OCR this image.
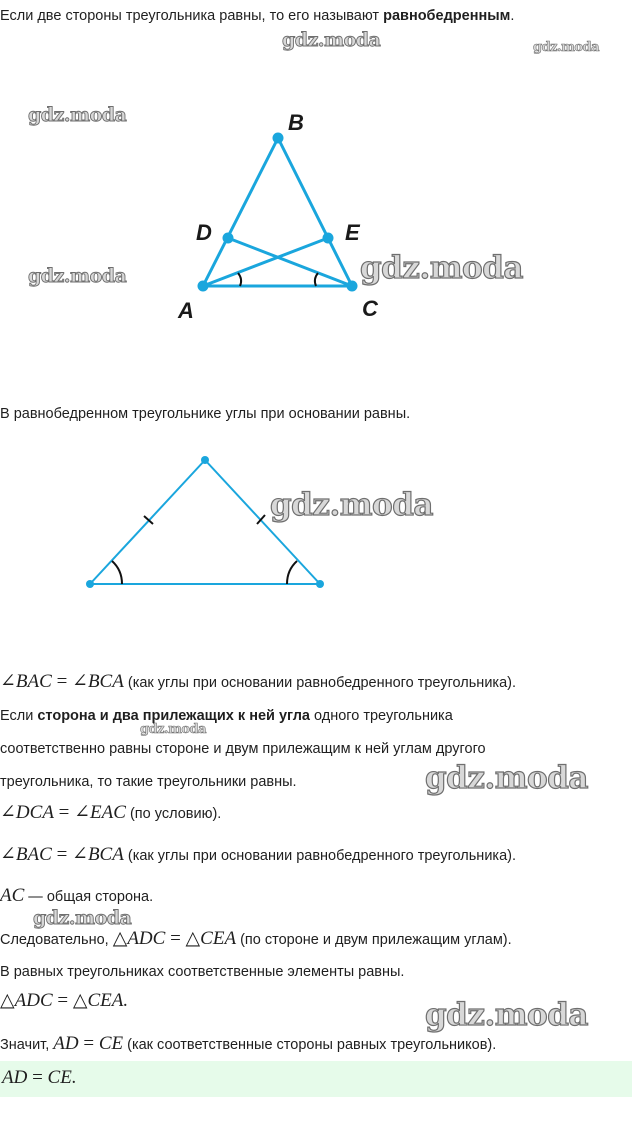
Если две стороны треугольника равны, то его называют равнобедренным.
gdz.moda	gdz.moda
gdz.moda
gdz.moda	gdz.moda
gdz.moda
gdz.moda
gdz.moda
gdz.moda
gdz.moda
B
D	E
A	C
В равнобедренном треугольнике углы при основании равны.
∠BAC = ∠BCA (как углы при основании равнобедренного треугольника).
Если сторона и два прилежащих к ней угла одного треугольника
соответственно равны стороне и двум прилежащим к ней углам другого
треугольника, то такие треугольники равны.
∠DCA = ∠EAC (по условию).
∠BAC = ∠BCA (как углы при основании равнобедренного треугольника).
AC — общая сторона.
Следовательно, △ADC = △CEA (по стороне и двум прилежащим углам).
В равных треугольниках соответственные элементы равны.
△ADC = △CEA.
Значит, AD = CE (как соответственные стороны равных треугольников).
AD = CE.
